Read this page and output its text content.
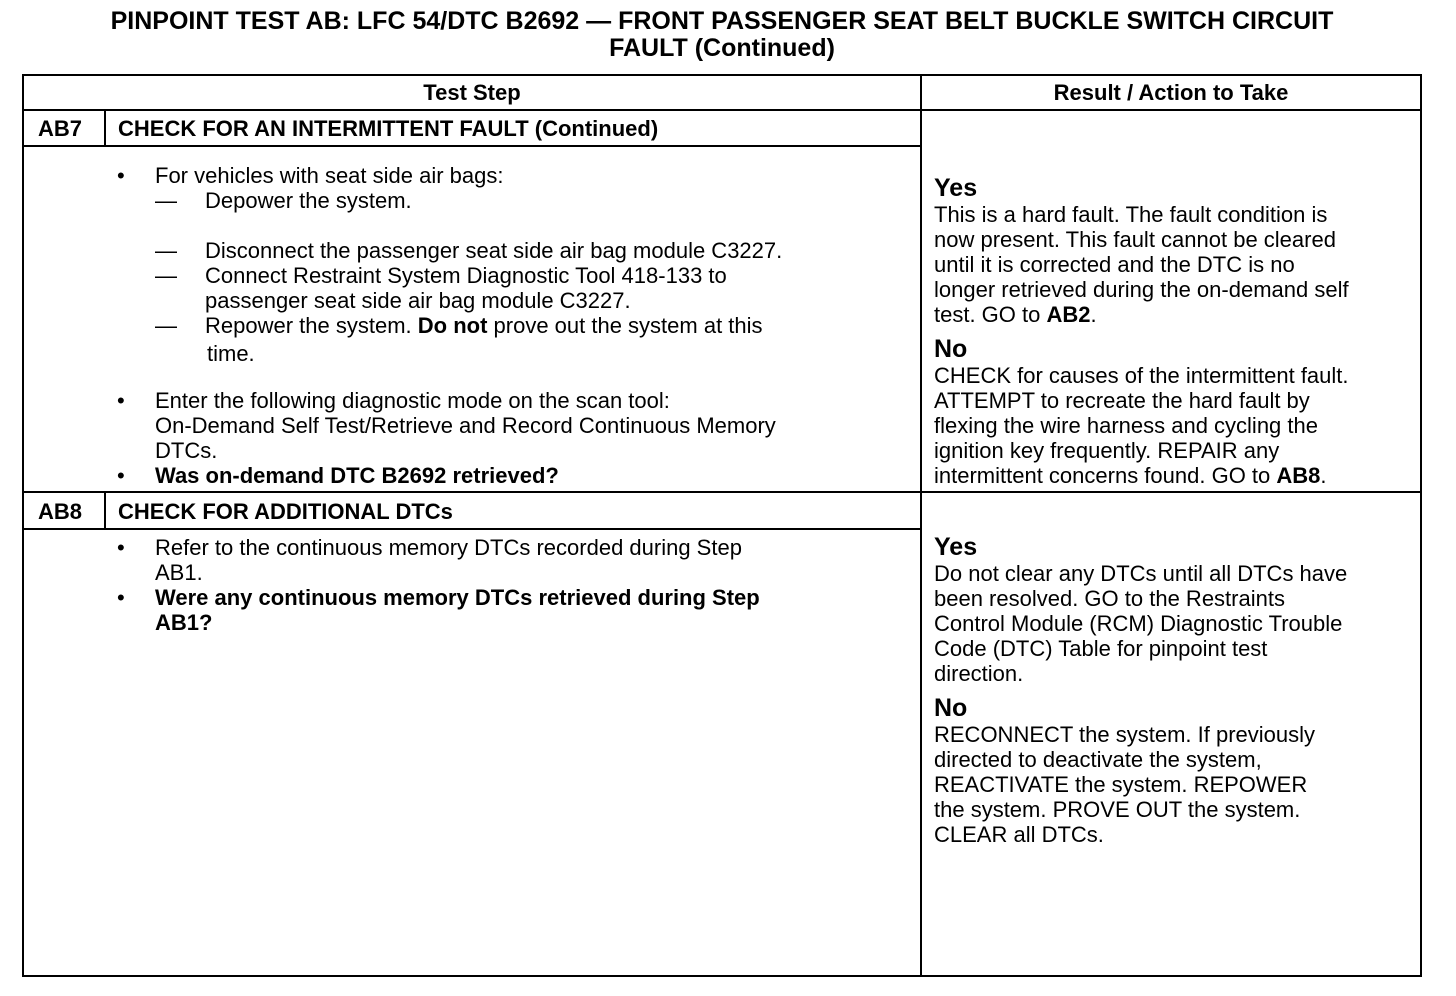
PINPOINT TEST AB: LFC 54/DTC B2692 — FRONT PASSENGER SEAT BELT BUCKLE SWITCH CIRCUIT
FAULT (Continued)
Test Step	Result / Action to Take
AB7 CHECK FOR AN INTERMITTENT FAULT (Continued)
• For vehicles with seat side air bags:
— Depower the system.
— Disconnect the passenger seat side air bag module C3227.
— Connect Restraint System Diagnostic Tool 418-133 to
passenger seat side air bag module C3227.
— Repower the system. Do not prove out the system at this
time.
• Enter the following diagnostic mode on the scan tool:
On-Demand Self Test/Retrieve and Record Continuous Memory
DTCs.
• Was on-demand DTC B2692 retrieved?
Yes
This is a hard fault. The fault condition is
now present. This fault cannot be cleared
until it is corrected and the DTC is no
longer retrieved during the on-demand self
test. GO to AB2.
No
CHECK for causes of the intermittent fault.
ATTEMPT to recreate the hard fault by
flexing the wire harness and cycling the
ignition key frequently. REPAIR any
intermittent concerns found. GO to AB8.
AB8 CHECK FOR ADDITIONAL DTCs
• Refer to the continuous memory DTCs recorded during Step
AB1.
• Were any continuous memory DTCs retrieved during Step
AB1?
Yes
Do not clear any DTCs until all DTCs have
been resolved. GO to the Restraints
Control Module (RCM) Diagnostic Trouble
Code (DTC) Table for pinpoint test
direction.
No
RECONNECT the system. If previously
directed to deactivate the system,
REACTIVATE the system. REPOWER
the system. PROVE OUT the system.
CLEAR all DTCs.
